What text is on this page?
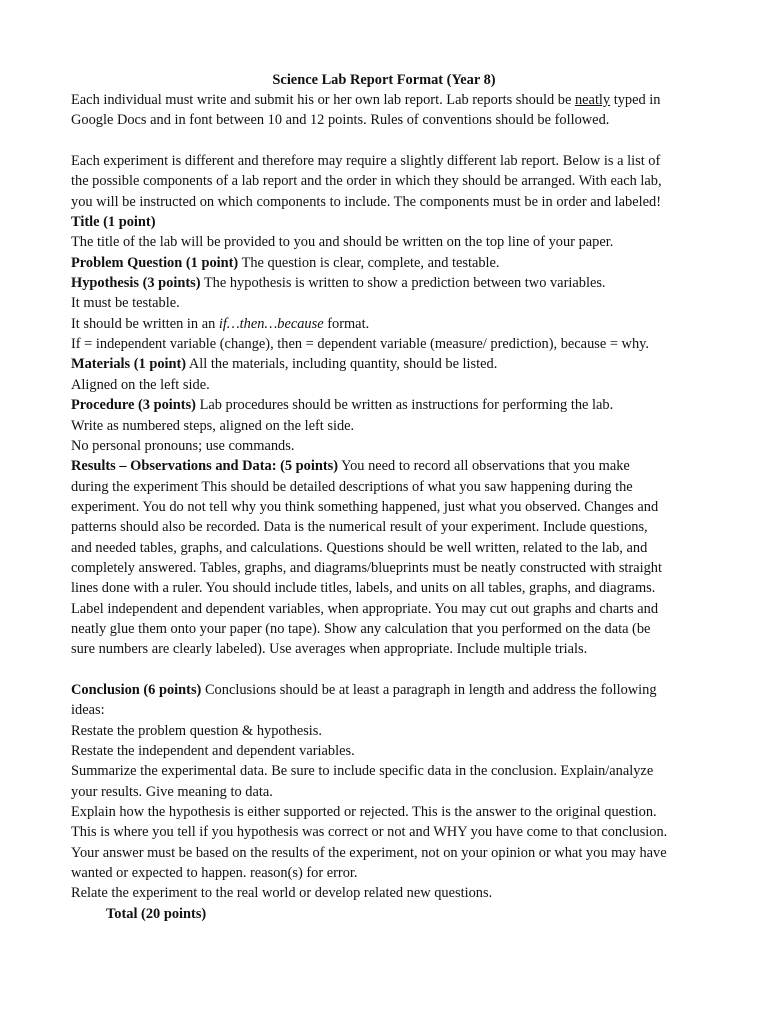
Science Lab Report Format (Year 8)
Each individual must write and submit his or her own lab report. Lab reports should be neatly typed in
Google Docs and in font between 10 and 12 points. Rules of conventions should be followed.
Each experiment is different and therefore may require a slightly different lab report. Below is a list of
the possible components of a lab report and the order in which they should be arranged. With each lab,
you will be instructed on which components to include. The components must be in order and labeled!
Title (1 point)
The title of the lab will be provided to you and should be written on the top line of your paper.
Problem Question (1 point) The question is clear, complete, and testable.
Hypothesis (3 points) The hypothesis is written to show a prediction between two variables.
It must be testable.
It should be written in an if…then…because format.
If = independent variable (change), then = dependent variable (measure/ prediction), because = why.
Materials (1 point) All the materials, including quantity, should be listed.
Aligned on the left side.
Procedure (3 points) Lab procedures should be written as instructions for performing the lab.
Write as numbered steps, aligned on the left side.
No personal pronouns; use commands.
Results – Observations and Data: (5 points) You need to record all observations that you make
during the experiment This should be detailed descriptions of what you saw happening during the
experiment. You do not tell why you think something happened, just what you observed. Changes and
patterns should also be recorded. Data is the numerical result of your experiment. Include questions,
and needed tables, graphs, and calculations. Questions should be well written, related to the lab, and
completely answered. Tables, graphs, and diagrams/blueprints must be neatly constructed with straight
lines done with a ruler. You should include titles, labels, and units on all tables, graphs, and diagrams.
Label independent and dependent variables, when appropriate. You may cut out graphs and charts and
neatly glue them onto your paper (no tape). Show any calculation that you performed on the data (be
sure numbers are clearly labeled). Use averages when appropriate. Include multiple trials.
Conclusion (6 points) Conclusions should be at least a paragraph in length and address the following
ideas:
Restate the problem question & hypothesis.
Restate the independent and dependent variables.
Summarize the experimental data. Be sure to include specific data in the conclusion. Explain/analyze
your results. Give meaning to data.
Explain how the hypothesis is either supported or rejected. This is the answer to the original question.
This is where you tell if you hypothesis was correct or not and WHY you have come to that conclusion.
Your answer must be based on the results of the experiment, not on your opinion or what you may have
wanted or expected to happen. reason(s) for error.
Relate the experiment to the real world or develop related new questions.
Total (20 points)
